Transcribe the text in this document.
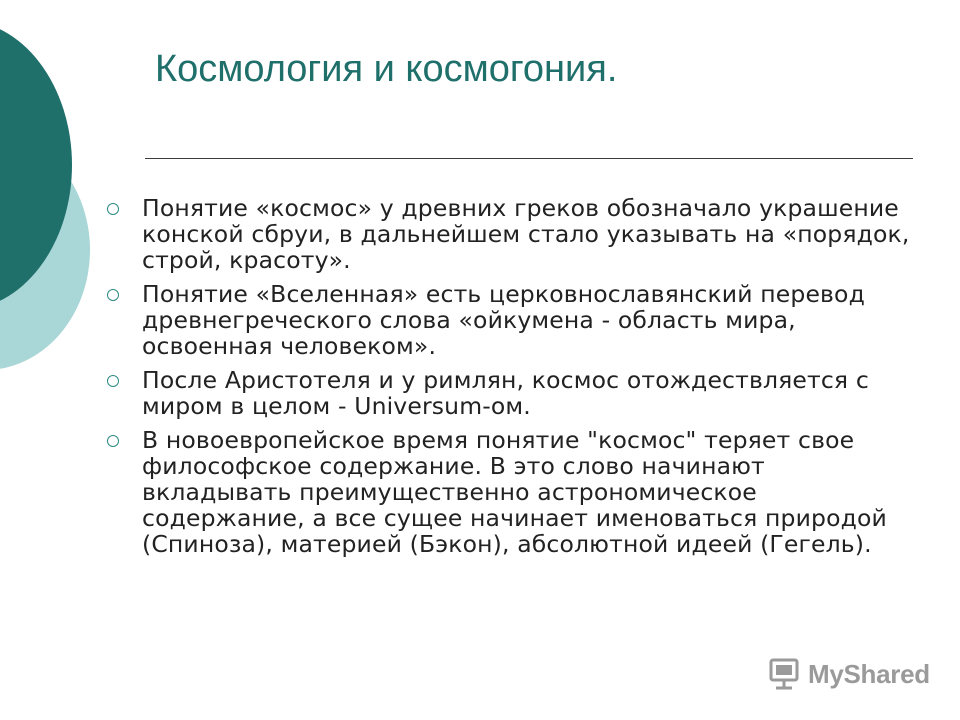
Космология и космогония.
Понятие «космос» у древних греков обозначало украшение конской сбруи, в дальнейшем стало указывать на «порядок, строй, красоту».
Понятие «Вселенная» есть церковнославянский перевод древнегреческого слова «ойкумена - область мира, освоенная человеком».
После Аристотеля и у римлян, космос отождествляется с миром в целом - Universum-ом.
В новоевропейское время понятие "космос" теряет свое философское содержание. В это слово начинают вкладывать преимущественно астрономическое содержание, а все сущее начинает именоваться природой (Спиноза), материей (Бэкон), абсолютной идеей (Гегель).
MyShared
